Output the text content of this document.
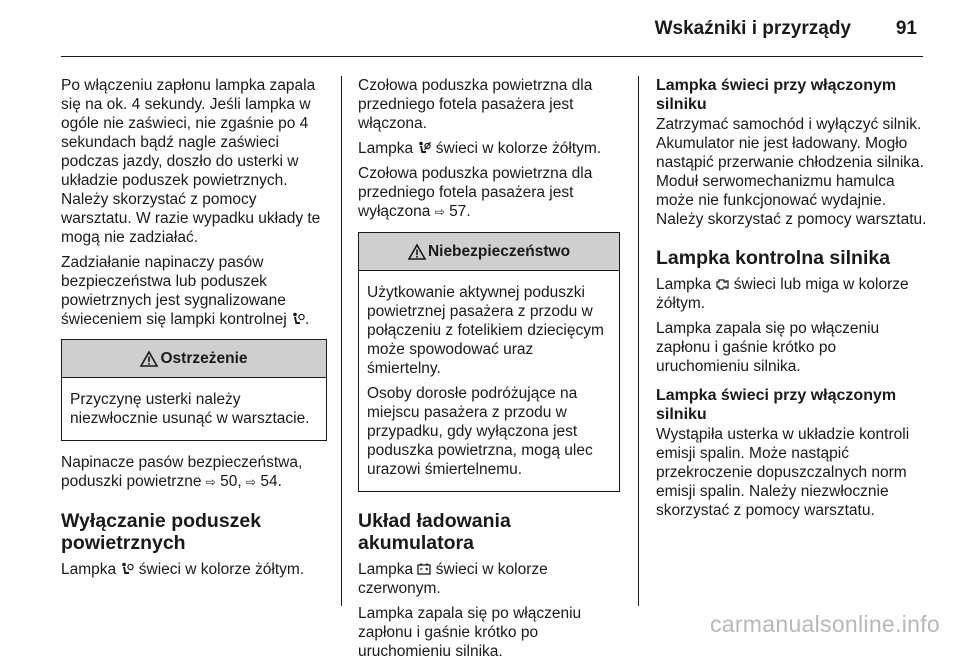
Wskaźniki i przyrządy 91

Po włączeniu zapłonu lampka zapala się na ok. 4 sekundy. Jeśli lampka w ogóle nie zaświeci, nie zgaśnie po 4 sekundach bądź nagle zaświeci podczas jazdy, doszło do usterki w układzie poduszek powietrznych. Należy skorzystać z pomocy warsztatu. W razie wypadku układy te mogą nie zadziałać.

Zadziałanie napinaczy pasów bezpieczeństwa lub poduszek powietrznych jest sygnalizowane świeceniem się lampki kontrolnej .

Ostrzeżenie

Przyczynę usterki należy niezwłocznie usunąć w warsztacie.

Napinacze pasów bezpieczeństwa, poduszki powietrzne ⇨ 50, ⇨ 54.

Wyłączanie poduszek powietrznych

Lampka świeci w kolorze żółtym.

Czołowa poduszka powietrzna dla przedniego fotela pasażera jest włączona.

Lampka świeci w kolorze żółtym.

Czołowa poduszka powietrzna dla przedniego fotela pasażera jest wyłączona ⇨ 57.

Niebezpieczeństwo

Użytkowanie aktywnej poduszki powietrznej pasażera z przodu w połączeniu z fotelikiem dziecięcym może spowodować uraz śmiertelny.

Osoby dorosłe podróżujące na miejscu pasażera z przodu w przypadku, gdy wyłączona jest poduszka powietrzna, mogą ulec urazowi śmiertelnemu.

Układ ładowania akumulatora

Lampka świeci w kolorze czerwonym.

Lampka zapala się po włączeniu zapłonu i gaśnie krótko po uruchomieniu silnika.

Lampka świeci przy włączonym silniku

Zatrzymać samochód i wyłączyć silnik. Akumulator nie jest ładowany. Mogło nastąpić przerwanie chłodzenia silnika. Moduł serwomechanizmu hamulca może nie funkcjonować wydajnie. Należy skorzystać z pomocy warsztatu.

Lampka kontrolna silnika

Lampka świeci lub miga w kolorze żółtym.

Lampka zapala się po włączeniu zapłonu i gaśnie krótko po uruchomieniu silnika.

Lampka świeci przy włączonym silniku

Wystąpiła usterka w układzie kontroli emisji spalin. Może nastąpić przekroczenie dopuszczalnych norm emisji spalin. Należy niezwłocznie skorzystać z pomocy warsztatu.

carmanualsonline.info
